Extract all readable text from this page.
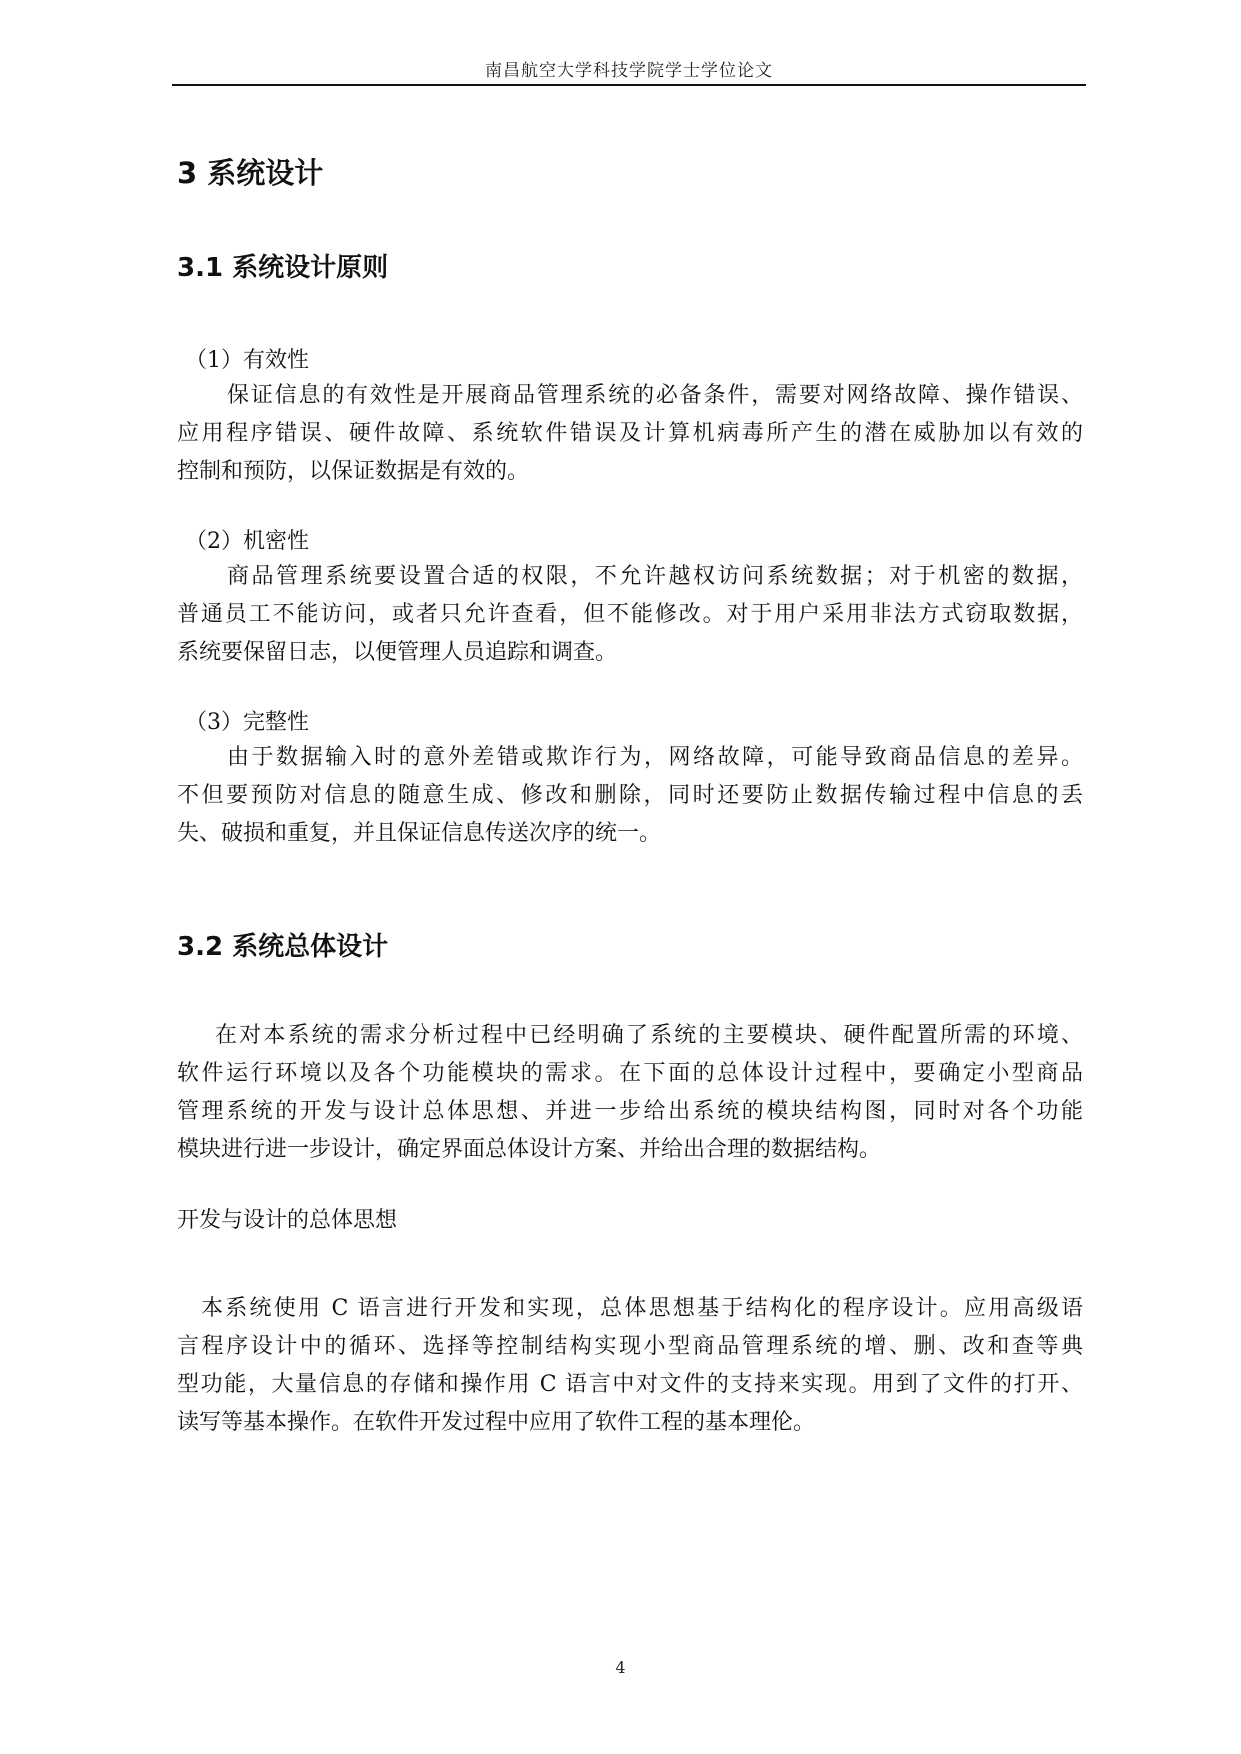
南昌航空大学科技学院学士学位论文
3 系统设计
3.1 系统设计原则
（1）有效性
保证信息的有效性是开展商品管理系统的必备条件，需要对网络故障、操作错误、
应用程序错误、硬件故障、系统软件错误及计算机病毒所产生的潜在威胁加以有效的
控制和预防，以保证数据是有效的。
（2）机密性
商品管理系统要设置合适的权限，不允许越权访问系统数据；对于机密的数据，
普通员工不能访问，或者只允许查看，但不能修改。对于用户采用非法方式窃取数据，
系统要保留日志，以便管理人员追踪和调查。
（3）完整性
由于数据输入时的意外差错或欺诈行为，网络故障，可能导致商品信息的差异。
不但要预防对信息的随意生成、修改和删除，同时还要防止数据传输过程中信息的丢
失、破损和重复，并且保证信息传送次序的统一。
3.2 系统总体设计
在对本系统的需求分析过程中已经明确了系统的主要模块、硬件配置所需的环境、
软件运行环境以及各个功能模块的需求。在下面的总体设计过程中，要确定小型商品
管理系统的开发与设计总体思想、并进一步给出系统的模块结构图，同时对各个功能
模块进行进一步设计，确定界面总体设计方案、并给出合理的数据结构。
开发与设计的总体思想
本系统使用 C 语言进行开发和实现，总体思想基于结构化的程序设计。应用高级语
言程序设计中的循环、选择等控制结构实现小型商品管理系统的增、删、改和查等典
型功能，大量信息的存储和操作用 C 语言中对文件的支持来实现。用到了文件的打开、
读写等基本操作。在软件开发过程中应用了软件工程的基本理伦。
4
